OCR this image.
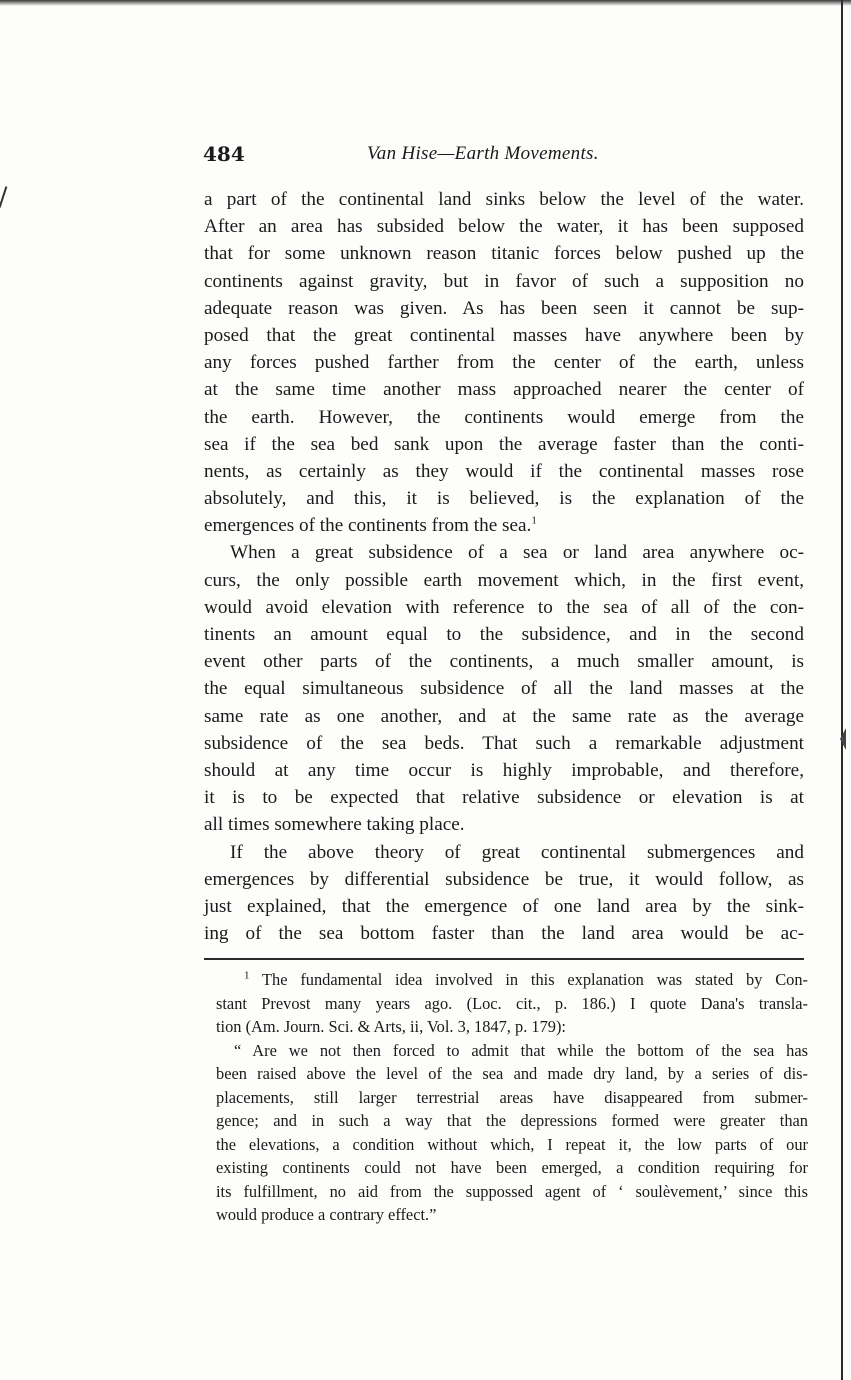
484	Van Hise—Earth Movements.
a part of the continental land sinks below the level of the water.
After an area has subsided below the water, it has been supposed
that for some unknown reason titanic forces below pushed up the
continents against gravity, but in favor of such a supposition no
adequate reason was given. As has been seen it cannot be sup-
posed that the great continental masses have anywhere been by
any forces pushed farther from the center of the earth, unless
at the same time another mass approached nearer the center of
the earth. However, the continents would emerge from the
sea if the sea bed sank upon the average faster than the conti-
nents, as certainly as they would if the continental masses rose
absolutely, and this, it is believed, is the explanation of the
emergences of the continents from the sea.$^1$
When a great subsidence of a sea or land area anywhere oc-
curs, the only possible earth movement which, in the first event,
would avoid elevation with reference to the sea of all of the con-
tinents an amount equal to the subsidence, and in the second
event other parts of the continents, a much smaller amount, is
the equal simultaneous subsidence of all the land masses at the
same rate as one another, and at the same rate as the average
subsidence of the sea beds. That such a remarkable adjustment
should at any time occur is highly improbable, and therefore,
it is to be expected that relative subsidence or elevation is at
all times somewhere taking place.
If the above theory of great continental submergences and
emergences by differential subsidence be true, it would follow, as
just explained, that the emergence of one land area by the sink-
ing of the sea bottom faster than the land area would be ac-
$^1$ The fundamental idea involved in this explanation was stated by Con-
stant Prevost many years ago. (Loc. cit., p. 186.) I quote Dana's transla-
tion (Am. Journ. Sci. & Arts, ii, Vol. 3, 1847, p. 179):
“ Are we not then forced to admit that while the bottom of the sea has
been raised above the level of the sea and made dry land, by a series of dis-
placements, still larger terrestrial areas have disappeared from submer-
gence; and in such a way that the depressions formed were greater than
the elevations, a condition without which, I repeat it, the low parts of our
existing continents could not have been emerged, a condition requiring for
its fulfillment, no aid from the suppossed agent of ‘ soulèvement,’ since this
would produce a contrary effect.”
